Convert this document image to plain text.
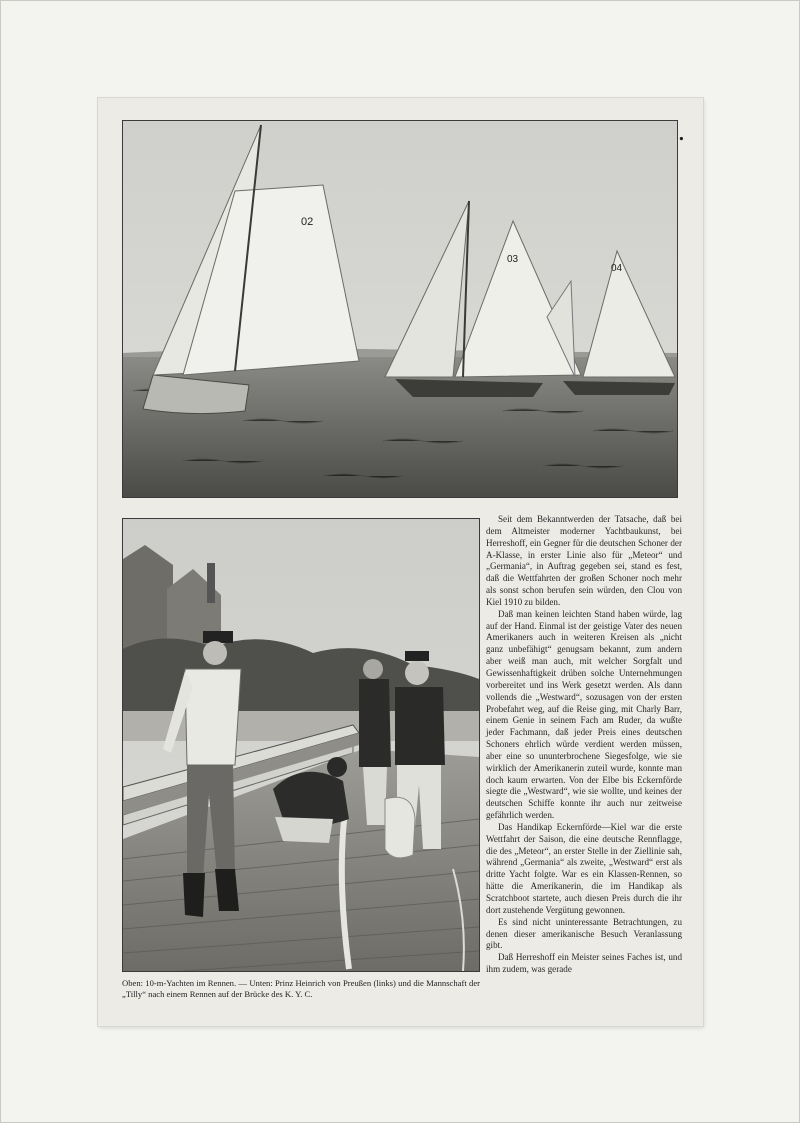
02
03
04
Oben: 10-m-Yachten im Rennen. — Unten: Prinz Heinrich von Preußen (links) und die Mannschaft der „Tilly“ nach einem Rennen auf der Brücke des K. Y. C.

Seit dem Bekanntwerden der Tatsache, daß bei dem Altmeister moderner Yachtbaukunst, bei Herreshoff, ein Gegner für die deutschen Schoner der A-Klasse, in erster Linie also für „Meteor“ und „Germania“, in Auftrag gegeben sei, stand es fest, daß die Wettfahrten der großen Schoner noch mehr als sonst schon berufen sein würden, den Clou von Kiel 1910 zu bilden.

Daß man keinen leichten Stand haben würde, lag auf der Hand. Einmal ist der geistige Vater des neuen Amerikaners auch in weiteren Kreisen als „nicht ganz unbefähigt“ genugsam bekannt, zum andern aber weiß man auch, mit welcher Sorgfalt und Gewissenhaftigkeit drüben solche Unternehmungen vorbereitet und ins Werk gesetzt werden. Als dann vollends die „Westward“, sozusagen von der ersten Probefahrt weg, auf die Reise ging, mit Charly Barr, einem Genie in seinem Fach am Ruder, da wußte jeder Fachmann, daß jeder Preis eines deutschen Schoners ehrlich würde verdient werden müssen, aber eine so ununterbrochene Siegesfolge, wie sie wirklich der Amerikanerin zuteil wurde, konnte man doch kaum erwarten. Von der Elbe bis Eckernförde siegte die „Westward“, wie sie wollte, und keines der deutschen Schiffe konnte ihr auch nur zeitweise gefährlich werden.

Das Handikap Eckernförde—Kiel war die erste Wettfahrt der Saison, die eine deutsche Rennflagge, die des „Meteor“, an erster Stelle in der Ziellinie sah, während „Germania“ als zweite, „Westward“ erst als dritte Yacht folgte. War es ein Klassen-Rennen, so hätte die Amerikanerin, die im Handikap als Scratchboot startete, auch diesen Preis durch die ihr dort zustehende Vergütung gewonnen.

Es sind nicht uninteressante Betrachtungen, zu denen dieser amerikanische Besuch Veranlassung gibt.

Daß Herreshoff ein Meister seines Faches ist, und ihm zudem, was gerade
